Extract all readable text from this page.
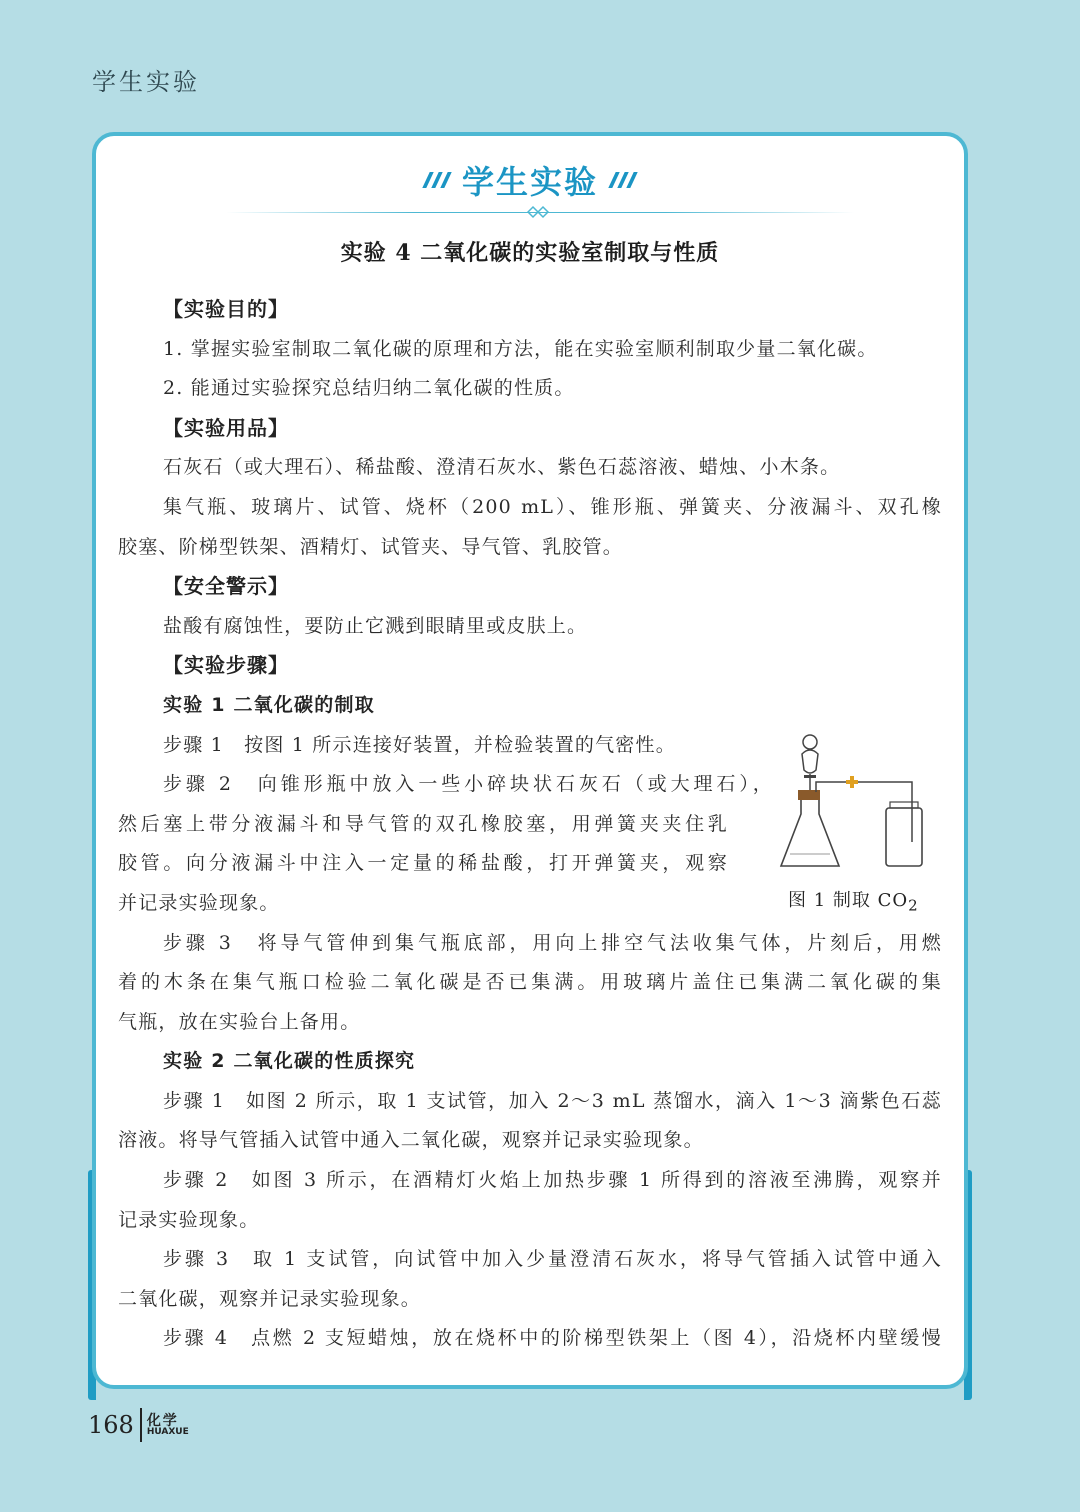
学生实验
学生实验
实验 4 二氧化碳的实验室制取与性质
【实验目的】
1. 掌握实验室制取二氧化碳的原理和方法，能在实验室顺利制取少量二氧化碳。
2. 能通过实验探究总结归纳二氧化碳的性质。
【实验用品】
石灰石（或大理石）、稀盐酸、澄清石灰水、紫色石蕊溶液、蜡烛、小木条。
集气瓶、玻璃片、试管、烧杯（200 mL）、锥形瓶、弹簧夹、分液漏斗、双孔橡
胶塞、阶梯型铁架、酒精灯、试管夹、导气管、乳胶管。
【安全警示】
盐酸有腐蚀性，要防止它溅到眼睛里或皮肤上。
【实验步骤】
实验 1 二氧化碳的制取
步骤 1　按图 1 所示连接好装置，并检验装置的气密性。
步骤 2　向锥形瓶中放入一些小碎块状石灰石（或大理石），
然后塞上带分液漏斗和导气管的双孔橡胶塞，用弹簧夹夹住乳
胶管。向分液漏斗中注入一定量的稀盐酸，打开弹簧夹，观察
并记录实验现象。
步骤 3　将导气管伸到集气瓶底部，用向上排空气法收集气体，片刻后，用燃
着的木条在集气瓶口检验二氧化碳是否已集满。用玻璃片盖住已集满二氧化碳的集
气瓶，放在实验台上备用。
实验 2 二氧化碳的性质探究
步骤 1　如图 2 所示，取 1 支试管，加入 2～3 mL 蒸馏水，滴入 1～3 滴紫色石蕊
溶液。将导气管插入试管中通入二氧化碳，观察并记录实验现象。
步骤 2　如图 3 所示，在酒精灯火焰上加热步骤 1 所得到的溶液至沸腾，观察并
记录实验现象。
步骤 3　取 1 支试管，向试管中加入少量澄清石灰水，将导气管插入试管中通入
二氧化碳，观察并记录实验现象。
步骤 4　点燃 2 支短蜡烛，放在烧杯中的阶梯型铁架上（图 4），沿烧杯内壁缓慢
图 1 制取 $CO_2$
168 化学
HUAXUE
